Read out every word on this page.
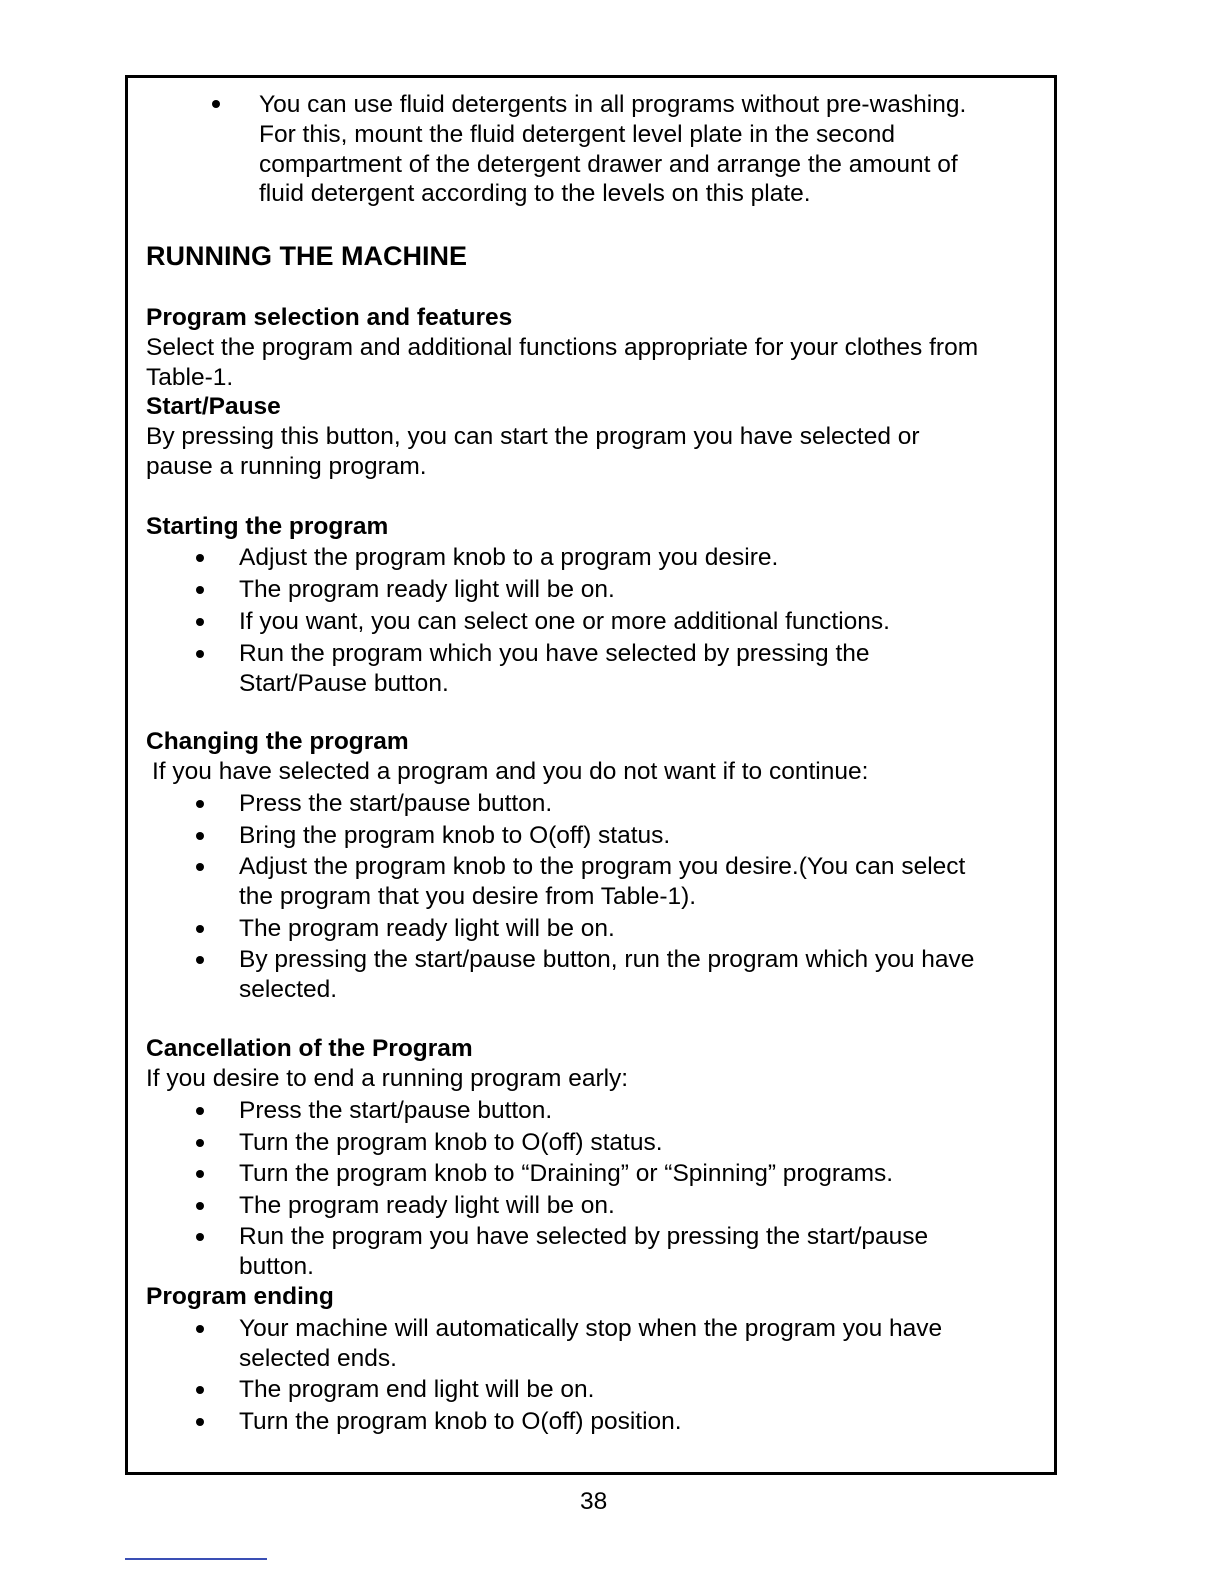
You can use fluid detergents in all programs without pre-washing.
For this, mount the fluid detergent level plate in the second
compartment of the detergent drawer and arrange the amount of
fluid detergent according to the levels on this plate.
RUNNING THE MACHINE
Program selection and features
Select the program and additional functions appropriate for your clothes from
Table-1.
Start/Pause
By pressing this button, you can start the program you have selected or
pause a running program.
Starting the program
Adjust the program knob to a program you desire.
The program ready light will be on.
If you want, you can select one or more additional functions.
Run the program which you have selected by pressing the
Start/Pause button.
Changing the program
If you have selected a program and you do not want if to continue:
Press the start/pause button.
Bring the program knob to O(off) status.
Adjust the program knob to the program you desire.(You can select
the program that you desire from Table-1).
The program ready light will be on.
By pressing the start/pause button, run the program which you have
selected.
Cancellation of the Program
If you desire to end a running program early:
Press the start/pause button.
Turn the program knob to O(off) status.
Turn the program knob to “Draining” or “Spinning” programs.
The program ready light will be on.
Run the program you have selected by pressing the start/pause
button.
Program ending
Your machine will automatically stop when the program you have
selected ends.
The program end light will be on.
Turn the program knob to O(off) position.
38
